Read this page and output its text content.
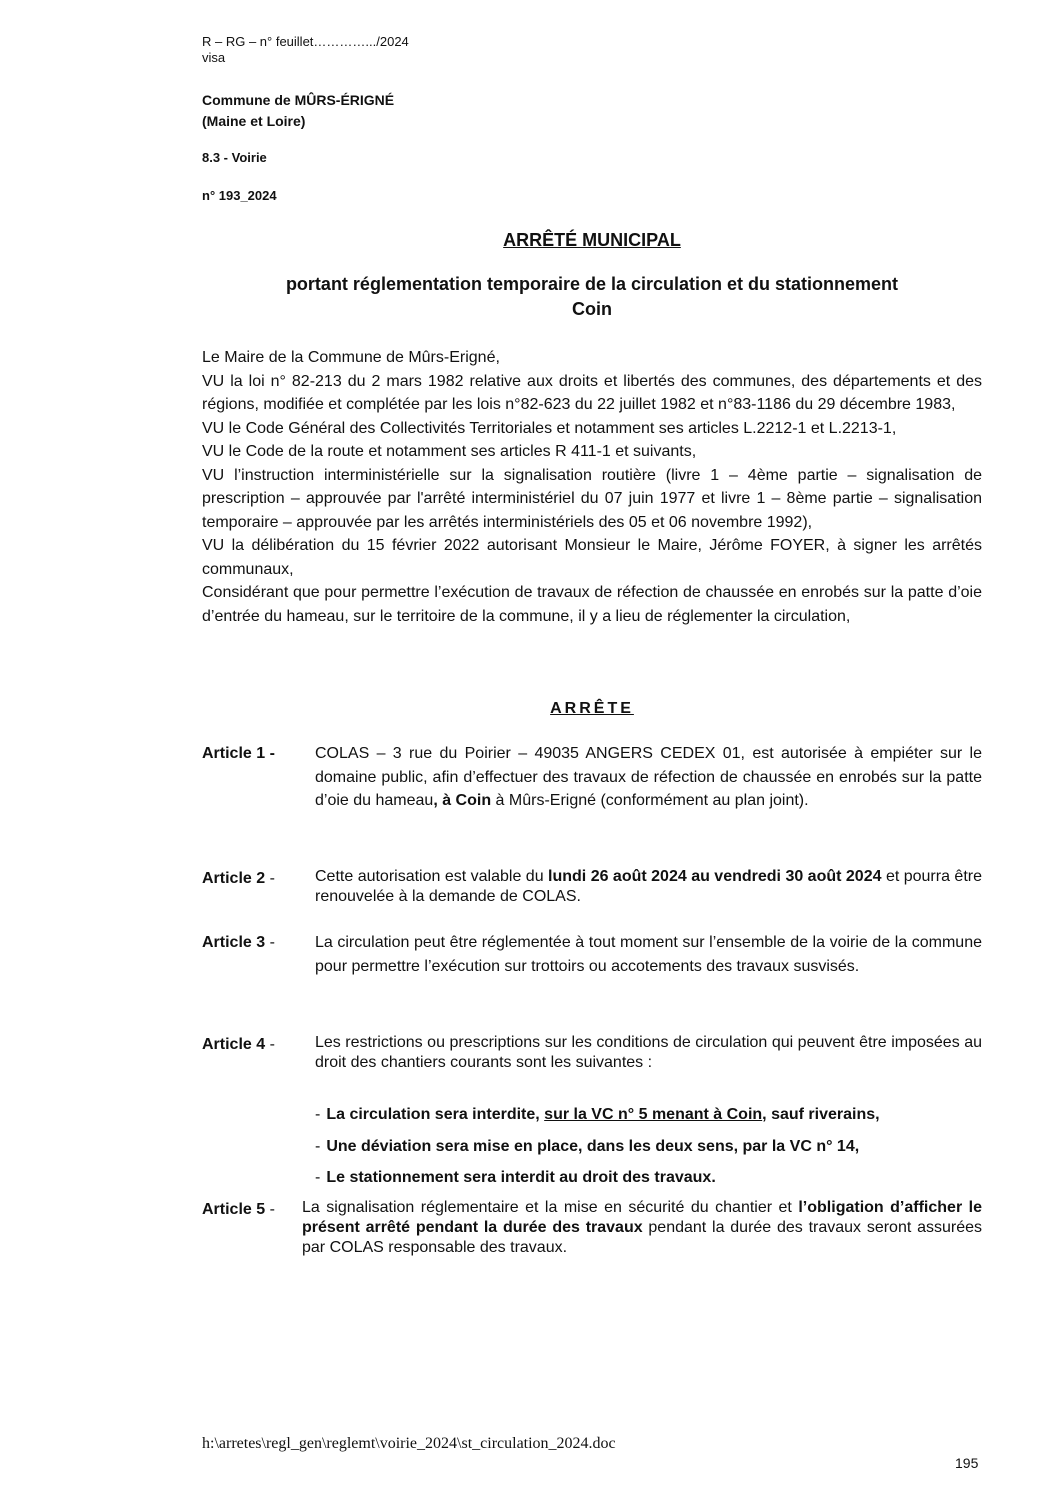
R – RG – n° feuillet………….../2024
visa
Commune de MÛRS-ÉRIGNÉ
(Maine et Loire)
8.3 - Voirie
n° 193_2024
ARRÊTÉ MUNICIPAL
portant réglementation temporaire de la circulation et du stationnement
Coin

Le Maire de la Commune de Mûrs-Erigné,

VU la loi n° 82-213 du 2 mars 1982 relative aux droits et libertés des communes, des départements et des régions, modifiée et complétée par les lois n°82-623 du 22 juillet 1982 et n°83-1186 du 29 décembre 1983,

VU le Code Général des Collectivités Territoriales et notamment ses articles L.2212-1 et L.2213-1,

VU le Code de la route et notamment ses articles R 411-1 et suivants,

VU l’instruction interministérielle sur la signalisation routière (livre 1 – 4ème partie – signalisation de prescription – approuvée par l'arrêté interministériel du 07 juin 1977 et livre 1 – 8ème partie – signalisation temporaire – approuvée par les arrêtés interministériels des 05 et 06 novembre 1992),

VU la délibération du 15 février 2022 autorisant Monsieur le Maire, Jérôme FOYER, à signer les arrêtés communaux,

Considérant que pour permettre l’exécution de travaux de réfection de chaussée en enrobés sur la patte d’oie d’entrée du hameau, sur le territoire de la commune, il y a lieu de réglementer la circulation,

ARRÊTE
Article 1 -	COLAS – 3 rue du Poirier – 49035 ANGERS CEDEX 01, est autorisée à empiéter sur le domaine public, afin d’effectuer des travaux de réfection de chaussée en enrobés sur la patte d’oie du hameau, à Coin à Mûrs-Erigné (conformément au plan joint).

Article 2 -	Cette autorisation est valable du lundi 26 août 2024 au vendredi 30 août 2024 et pourra être renouvelée à la demande de COLAS.

Article 3 -	La circulation peut être réglementée à tout moment sur l’ensemble de la voirie de la commune pour permettre l’exécution sur trottoirs ou accotements des travaux susvisés.

Article 4 -	Les restrictions ou prescriptions sur les conditions de circulation qui peuvent être imposées au droit des chantiers courants sont les suivantes :

- La circulation sera interdite, sur la VC n° 5 menant à Coin, sauf riverains,
- Une déviation sera mise en place, dans les deux sens, par la VC n° 14,
- Le stationnement sera interdit au droit des travaux.
Article 5 - La signalisation réglementaire et la mise en sécurité du chantier et l’obligation d’afficher le présent arrêté pendant la durée des travaux pendant la durée des travaux seront assurées par COLAS responsable des travaux.

h:\arretes\regl_gen\reglemt\voirie_2024\st_circulation_2024.doc
195
